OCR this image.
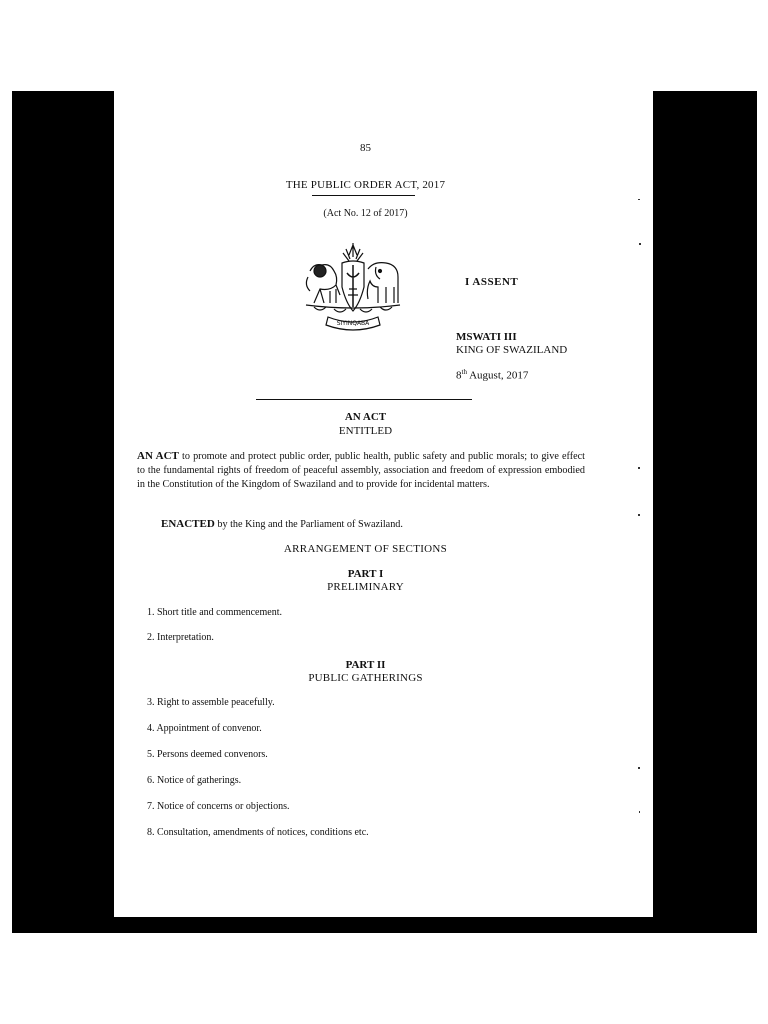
85
THE PUBLIC ORDER ACT, 2017
(Act No. 12 of 2017)
SIYINQABA
I ASSENT
MSWATI III
KING OF SWAZILAND
8th August, 2017
AN ACT
ENTITLED
AN ACT to promote and protect public order, public health, public safety and public morals; to give effect to the fundamental rights of freedom of peaceful assembly, association and freedom of expression embodied in the Constitution of the Kingdom of Swaziland and to provide for incidental matters.
ENACTED by the King and the Parliament of Swaziland.
ARRANGEMENT OF SECTIONS
PART I
PRELIMINARY
1. Short title and commencement.
2. Interpretation.
PART II
PUBLIC GATHERINGS
3. Right to assemble peacefully.
4. Appointment of convenor.
5. Persons deemed convenors.
6. Notice of gatherings.
7. Notice of concerns or objections.
8. Consultation, amendments of notices, conditions etc.
